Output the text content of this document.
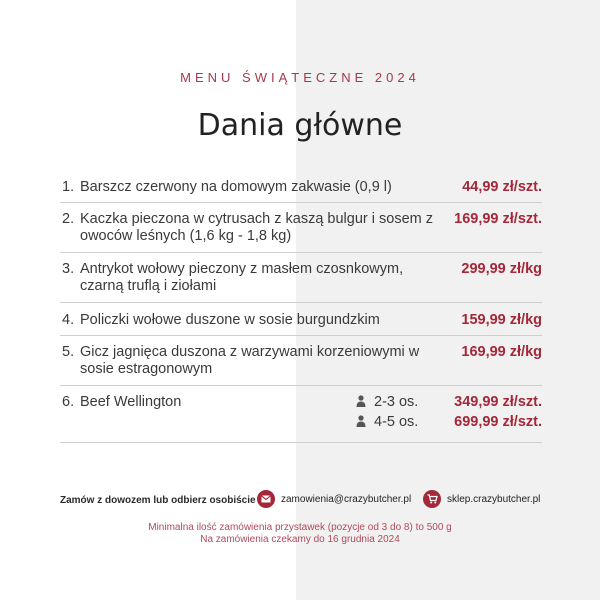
MENU ŚWIĄTECZNE 2024
Dania główne
1. Barszcz czerwony na domowym zakwasie (0,9 l)	44,99 zł/szt.
2. Kaczka pieczona w cytrusach z kaszą bulgur i sosem z owoców leśnych (1,6 kg - 1,8 kg)
169,99 zł/szt.
3. Antrykot wołowy pieczony z masłem czosnkowym, czarną truflą i ziołami
299,99 zł/kg
4. Policzki wołowe duszone w sosie burgundzkim	159,99 zł/kg
5. Gicz jagnięca duszona z warzywami korzeniowymi w sosie estragonowym
169,99 zł/kg
6. Beef Wellington	2-3 os. 349,99 zł/szt.
4-5 os. 699,99 zł/szt.
Zamów z dowozem lub odbierz osobiście	zamowienia@crazybutcher.pl	sklep.crazybutcher.pl
Minimalna ilość zamówienia przystawek (pozycje od 3 do 8) to 500 g
Na zamówienia czekamy do 16 grudnia 2024
